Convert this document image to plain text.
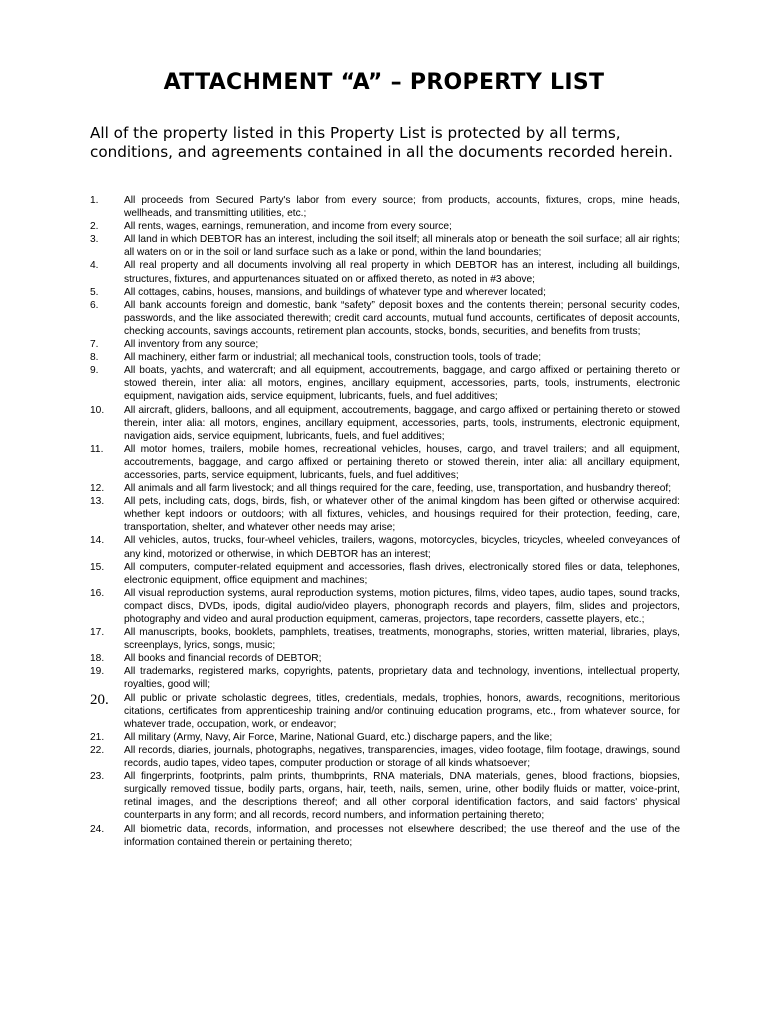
ATTACHMENT “A” – PROPERTY LIST

All of the property listed in this Property List is protected by all terms, conditions, and agreements contained in all the documents recorded herein.

1.	All proceeds from Secured Party's labor from every source; from products, accounts, fixtures, crops, mine heads, wellheads, and transmitting utilities, etc.;
2.	All rents, wages, earnings, remuneration, and income from every source;
3.	All land in which DEBTOR has an interest, including the soil itself; all minerals atop or beneath the soil surface; all air rights; all waters on or in the soil or land surface such as a lake or pond, within the land boundaries;
4.	All real property and all documents involving all real property in which DEBTOR has an interest, including all buildings, structures, fixtures, and appurtenances situated on or affixed thereto, as noted in #3 above;
5.	All cottages, cabins, houses, mansions, and buildings of whatever type and wherever located;
6.	All bank accounts foreign and domestic, bank “safety” deposit boxes and the contents therein; personal security codes, passwords, and the like associated therewith; credit card accounts, mutual fund accounts, certificates of deposit accounts, checking accounts, savings accounts, retirement plan accounts, stocks, bonds, securities, and benefits from trusts;
7.	All inventory from any source;
8.	All machinery, either farm or industrial; all mechanical tools, construction tools, tools of trade;
9.	All boats, yachts, and watercraft; and all equipment, accoutrements, baggage, and cargo affixed or pertaining thereto or stowed therein, inter alia: all motors, engines, ancillary equipment, accessories, parts, tools, instruments, electronic equipment, navigation aids, service equipment, lubricants, fuels, and fuel additives;
10.	All aircraft, gliders, balloons, and all equipment, accoutrements, baggage, and cargo affixed or pertaining thereto or stowed therein, inter alia: all motors, engines, ancillary equipment, accessories, parts, tools, instruments, electronic equipment, navigation aids, service equipment, lubricants, fuels, and fuel additives;
11.	All motor homes, trailers, mobile homes, recreational vehicles, houses, cargo, and travel trailers; and all equipment, accoutrements, baggage, and cargo affixed or pertaining thereto or stowed therein, inter alia: all ancillary equipment, accessories, parts, service equipment, lubricants, fuels, and fuel additives;
12.	All animals and all farm livestock; and all things required for the care, feeding, use, transportation, and husbandry thereof;
13.	All pets, including cats, dogs, birds, fish, or whatever other of the animal kingdom has been gifted or otherwise acquired: whether kept indoors or outdoors; with all fixtures, vehicles, and housings required for their protection, feeding, care, transportation, shelter, and whatever other needs may arise;
14.	All vehicles, autos, trucks, four-wheel vehicles, trailers, wagons, motorcycles, bicycles, tricycles, wheeled conveyances of any kind, motorized or otherwise, in which DEBTOR has an interest;
15.	All computers, computer-related equipment and accessories, flash drives, electronically stored files or data, telephones, electronic equipment, office equipment and machines;
16.	All visual reproduction systems, aural reproduction systems, motion pictures, films, video tapes, audio tapes, sound tracks, compact discs, DVDs, ipods, digital audio/video players, phonograph records and players, film, slides and projectors, photography and video and aural production equipment, cameras, projectors, tape recorders, cassette players, etc.;
17.	All manuscripts, books, booklets, pamphlets, treatises, treatments, monographs, stories, written material, libraries, plays, screenplays, lyrics, songs, music;
18.	All books and financial records of DEBTOR;
19.	All trademarks, registered marks, copyrights, patents, proprietary data and technology, inventions, intellectual property, royalties, good will;
20.	All public or private scholastic degrees, titles, credentials, medals, trophies, honors, awards, recognitions, meritorious citations, certificates from apprenticeship training and/or continuing education programs, etc., from whatever source, for whatever trade, occupation, work, or endeavor;
21.	All military (Army, Navy, Air Force, Marine, National Guard, etc.) discharge papers, and the like;
22.	All records, diaries, journals, photographs, negatives, transparencies, images, video footage, film footage, drawings, sound records, audio tapes, video tapes, computer production or storage of all kinds whatsoever;
23.	All fingerprints, footprints, palm prints, thumbprints, RNA materials, DNA materials, genes, blood fractions, biopsies, surgically removed tissue, bodily parts, organs, hair, teeth, nails, semen, urine, other bodily fluids or matter, voice-print, retinal images, and the descriptions thereof; and all other corporal identification factors, and said factors' physical counterparts in any form; and all records, record numbers, and information pertaining thereto;
24.	All biometric data, records, information, and processes not elsewhere described; the use thereof and the use of the information contained therein or pertaining thereto;
